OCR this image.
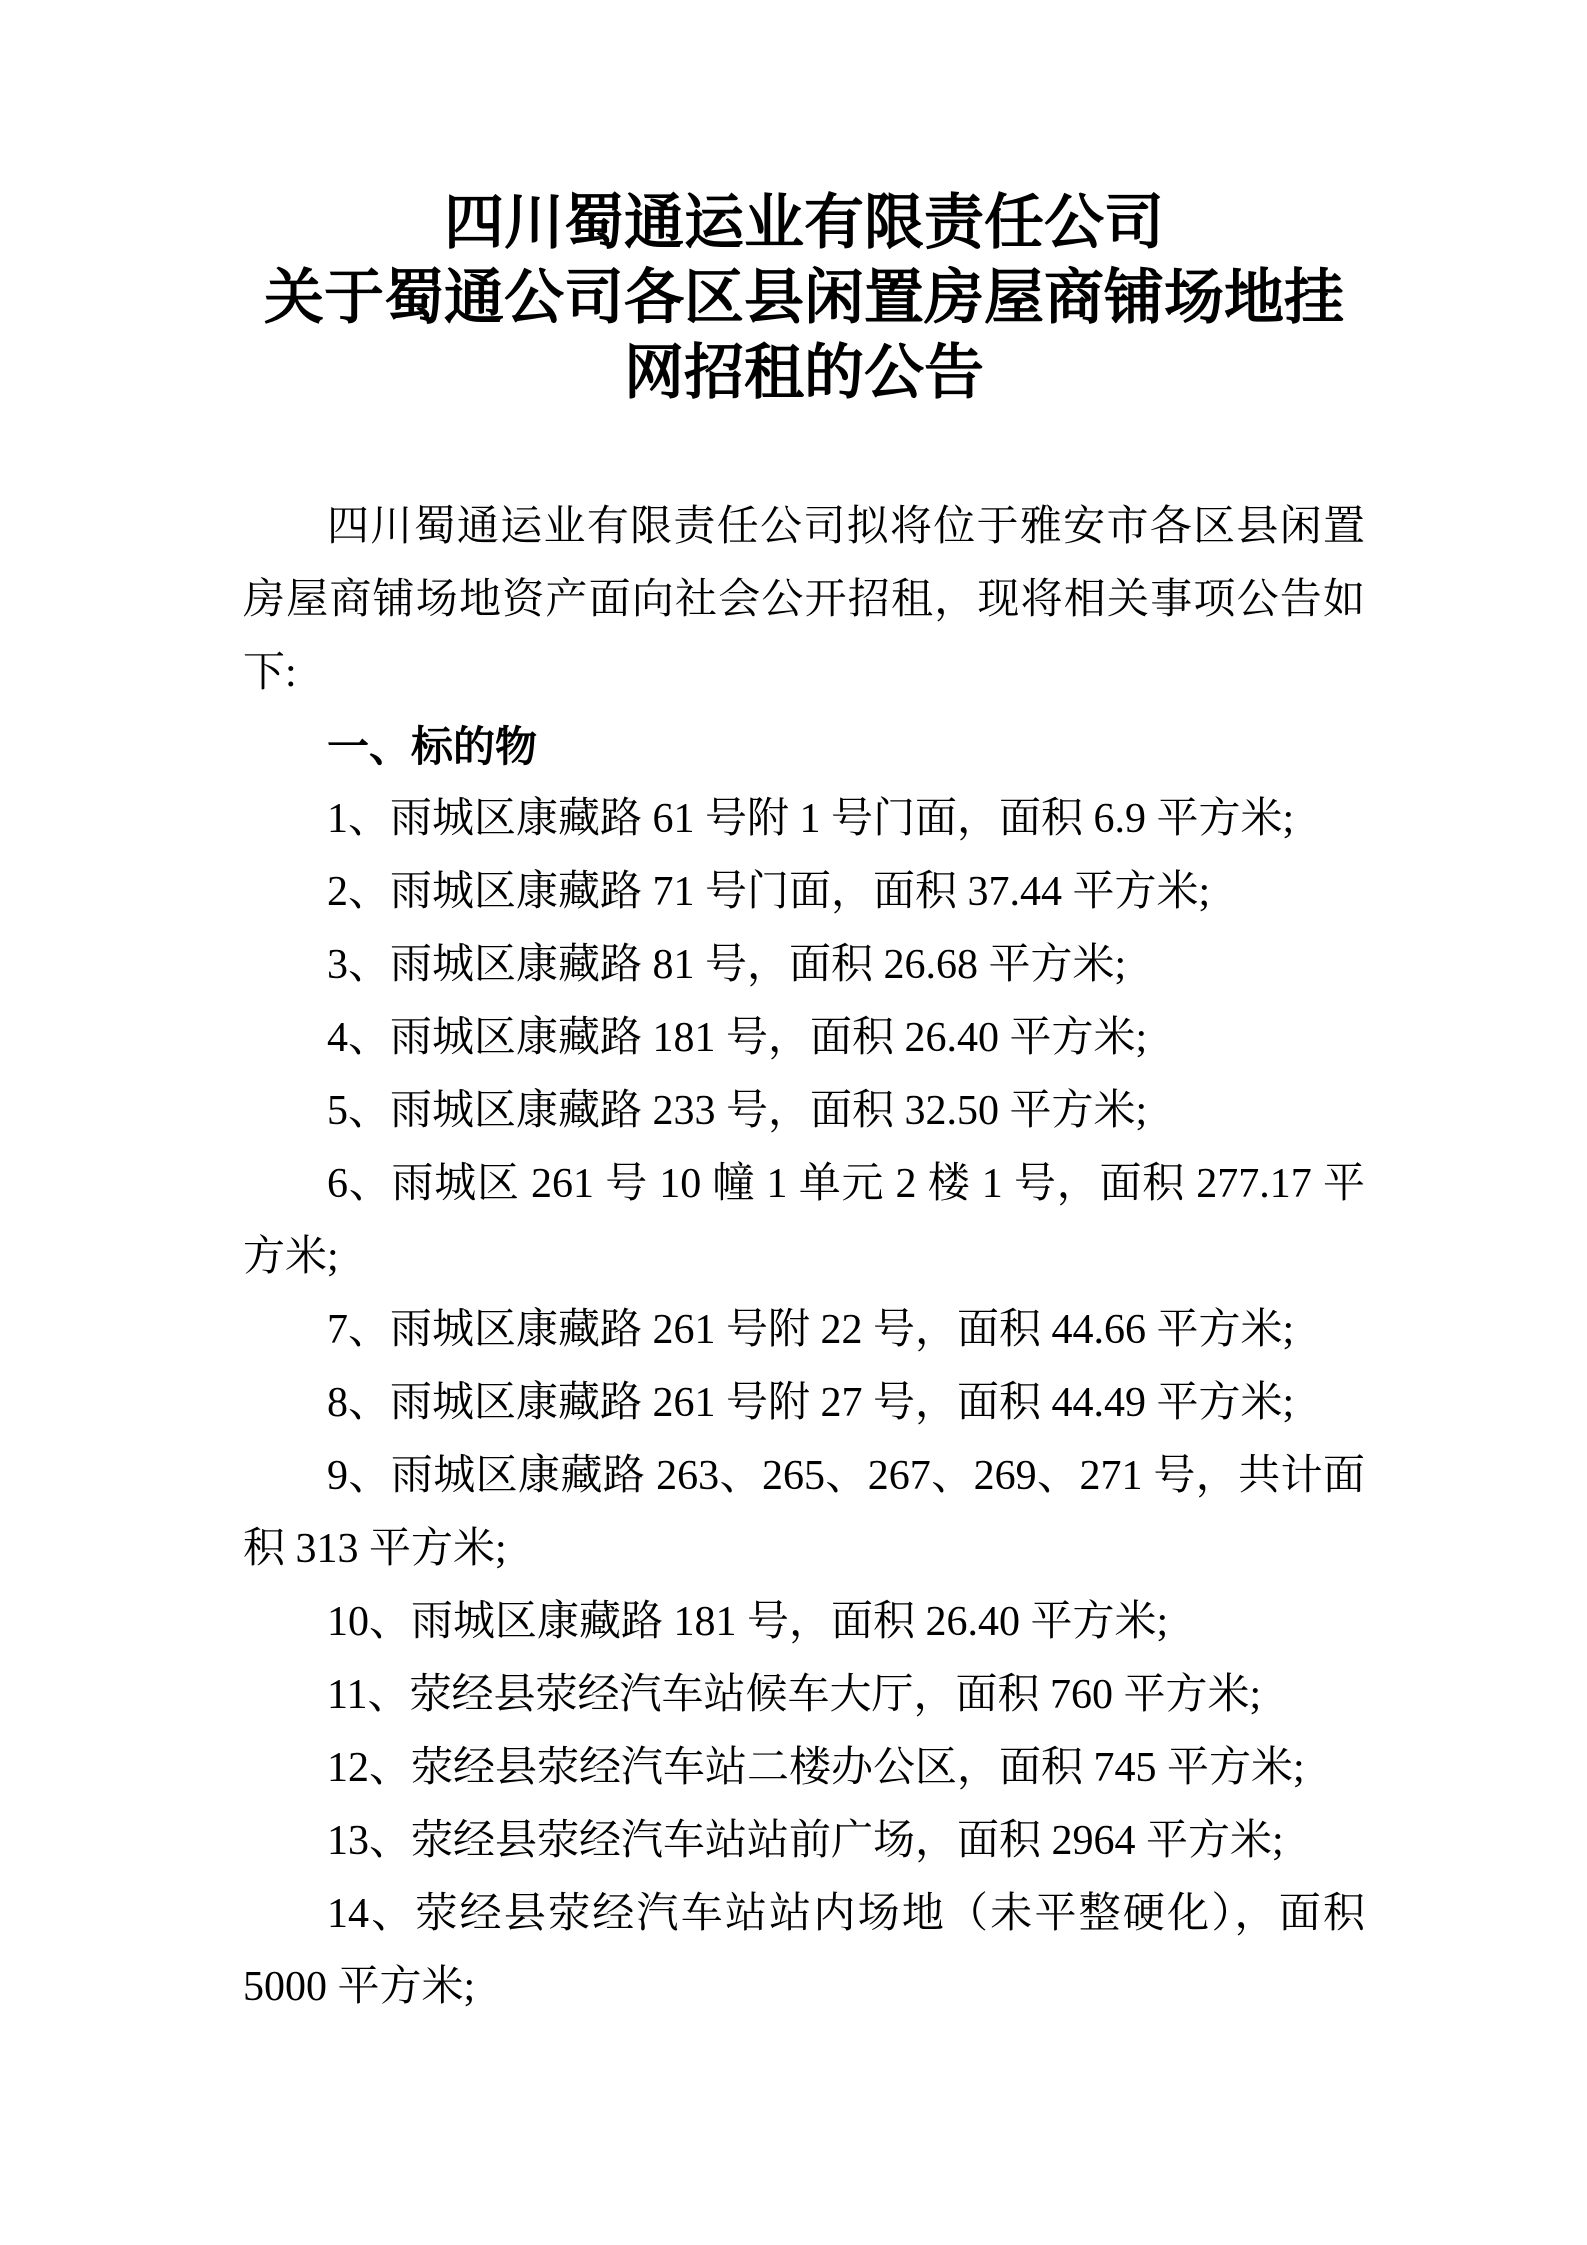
四川蜀通运业有限责任公司
关于蜀通公司各区县闲置房屋商铺场地挂网招租的公告

四川蜀通运业有限责任公司拟将位于雅安市各区县闲置房屋商铺场地资产面向社会公开招租，现将相关事项公告如下:

一、标的物

1、雨城区康藏路 61 号附 1 号门面，面积 6.9 平方米;

2、雨城区康藏路 71 号门面，面积 37.44 平方米;

3、雨城区康藏路 81 号，面积 26.68 平方米;

4、雨城区康藏路 181 号，面积 26.40 平方米;

5、雨城区康藏路 233 号，面积 32.50 平方米;

6、雨城区 261 号 10 幢 1 单元 2 楼 1 号，面积 277.17 平方米;

7、雨城区康藏路 261 号附 22 号，面积 44.66 平方米;

8、雨城区康藏路 261 号附 27 号，面积 44.49 平方米;

9、雨城区康藏路 263、265、267、269、271 号，共计面积 313 平方米;

10、雨城区康藏路 181 号，面积 26.40 平方米;

11、荥经县荥经汽车站候车大厅，面积 760 平方米;

12、荥经县荥经汽车站二楼办公区，面积 745 平方米;

13、荥经县荥经汽车站站前广场，面积 2964 平方米;

14、荥经县荥经汽车站站内场地（未平整硬化），面积 5000 平方米;
